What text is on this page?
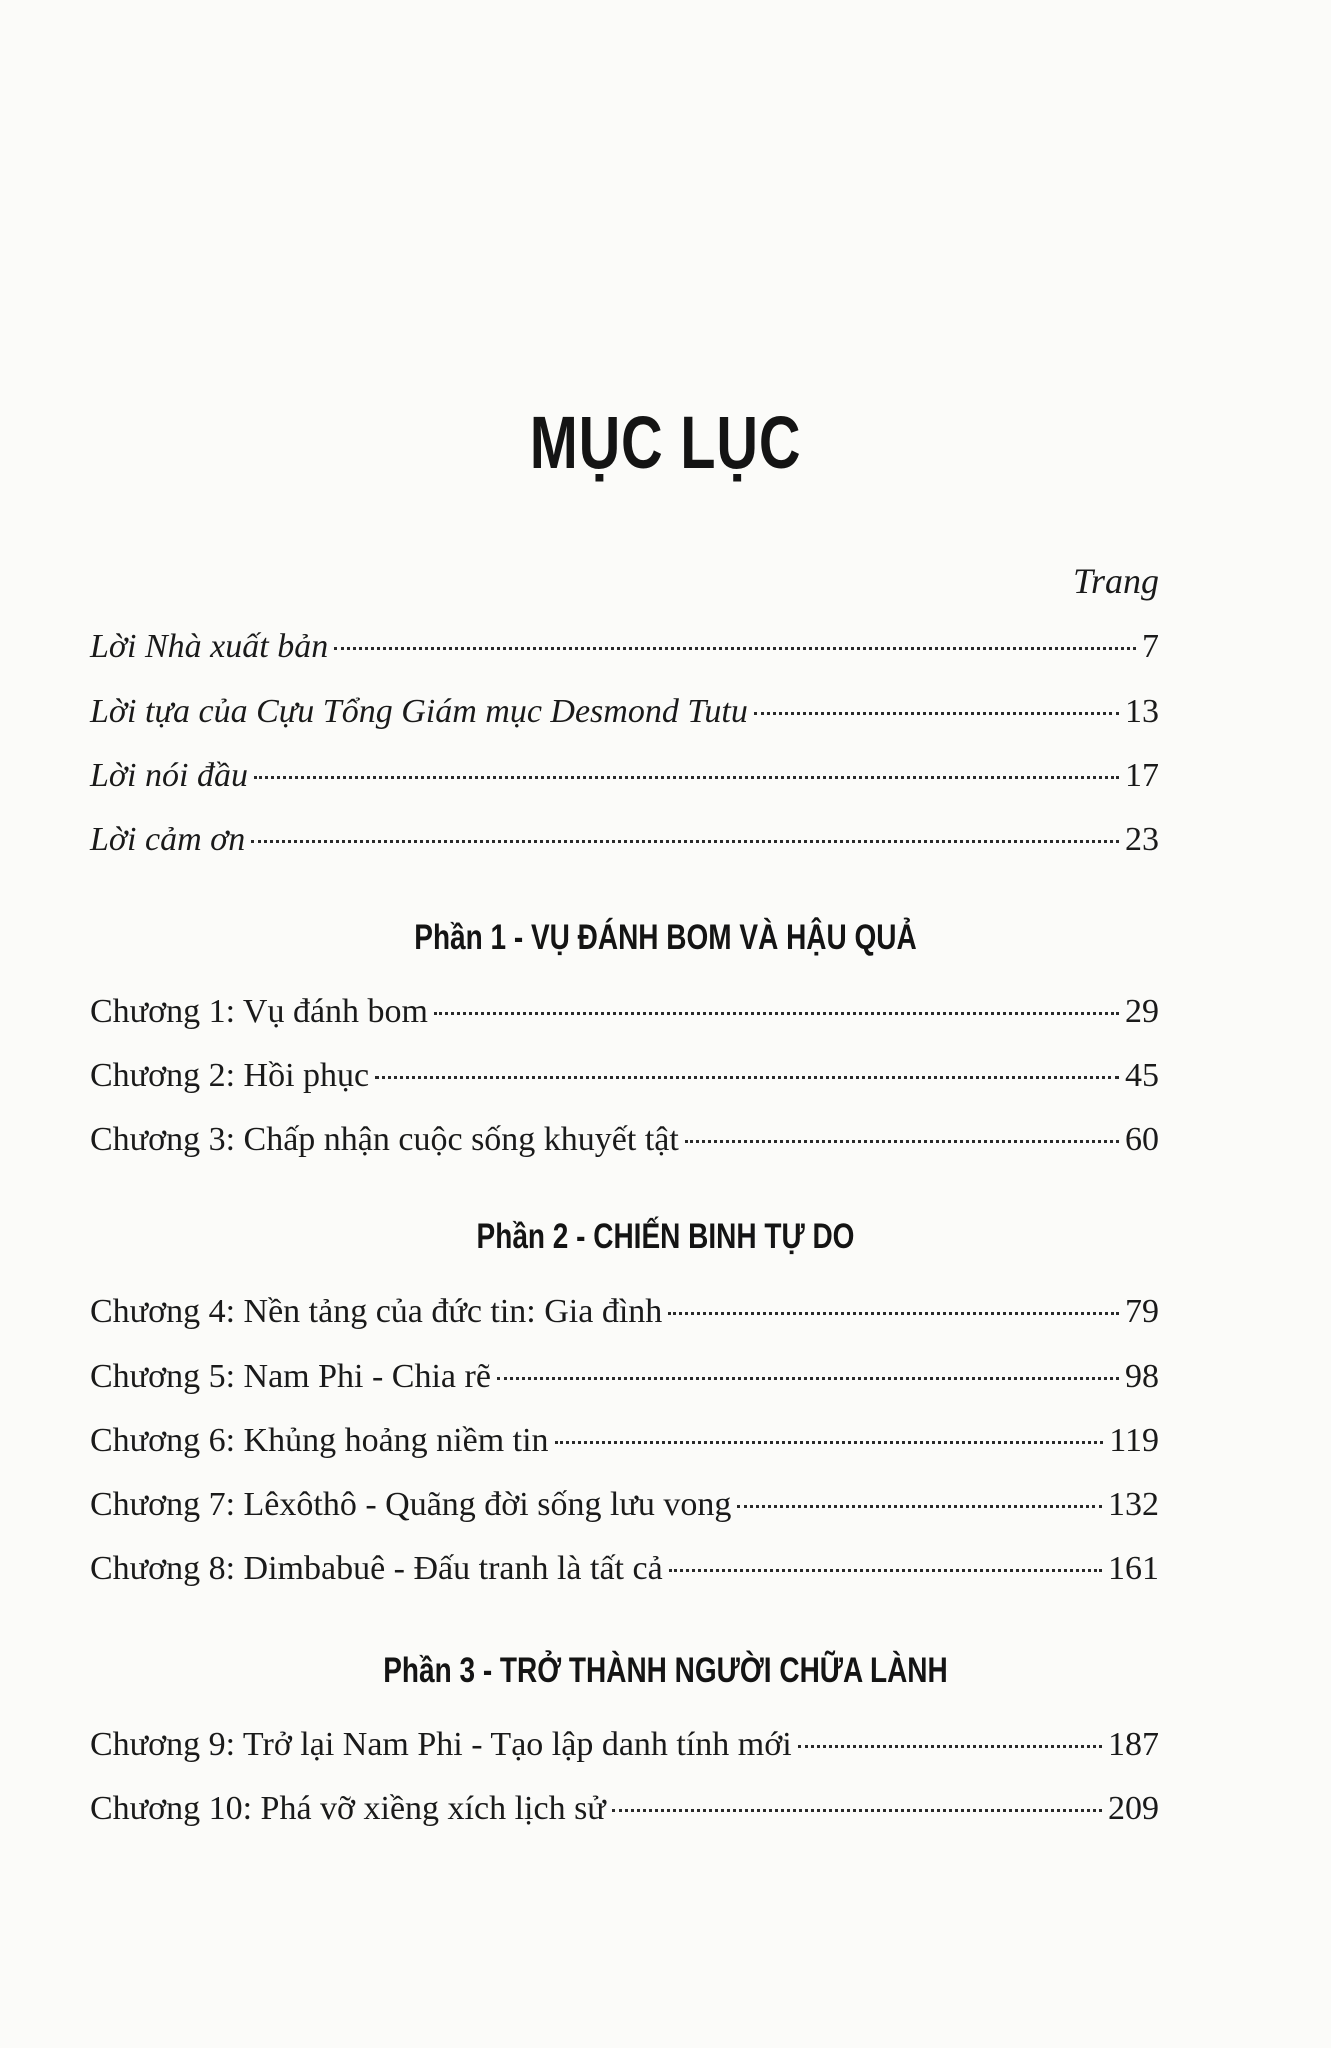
MỤC LỤC
Trang
Lời Nhà xuất bản	7
Lời tựa của Cựu Tổng Giám mục Desmond Tutu	13
Lời nói đầu	17
Lời cảm ơn	23
Phần 1 - VỤ ĐÁNH BOM VÀ HẬU QUẢ
Chương 1: Vụ đánh bom	29
Chương 2: Hồi phục	45
Chương 3: Chấp nhận cuộc sống khuyết tật	60
Phần 2 - CHIẾN BINH TỰ DO
Chương 4: Nền tảng của đức tin: Gia đình	79
Chương 5: Nam Phi - Chia rẽ	98
Chương 6: Khủng hoảng niềm tin	119
Chương 7: Lêxôthô - Quãng đời sống lưu vong	132
Chương 8: Dimbabuê - Đấu tranh là tất cả	161
Phần 3 - TRỞ THÀNH NGƯỜI CHỮA LÀNH
Chương 9: Trở lại Nam Phi - Tạo lập danh tính mới	187
Chương 10: Phá vỡ xiềng xích lịch sử	209
